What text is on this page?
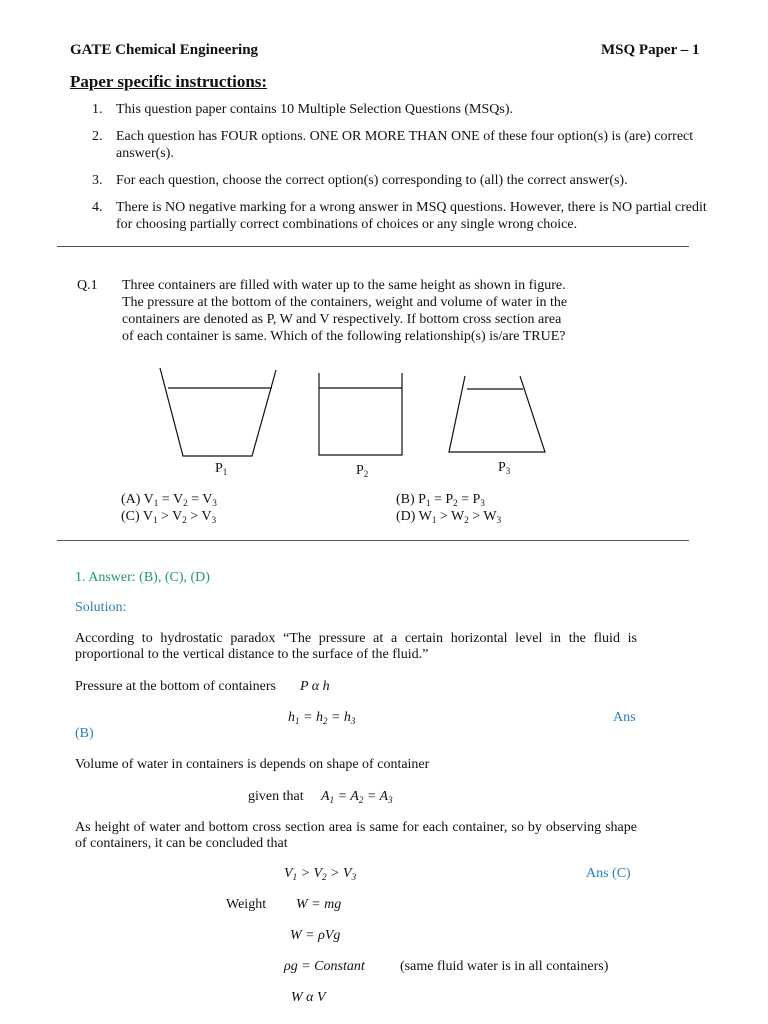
GATE Chemical Engineering	MSQ Paper – 1
Paper specific instructions:
1. This question paper contains 10 Multiple Selection Questions (MSQs).
2. Each question has FOUR options. ONE OR MORE THAN ONE of these four option(s) is (are) correct answer(s).
3. For each question, choose the correct option(s) corresponding to (all) the correct answer(s).
4. There is NO negative marking for a wrong answer in MSQ questions. However, there is NO partial credit for choosing partially correct combinations of choices or any single wrong choice.
Q.1 Three containers are filled with water up to the same height as shown in figure.
The pressure at the bottom of the containers, weight and volume of water in the
containers are denoted as P, W and V respectively. If bottom cross section area
of each container is same. Which of the following relationship(s) is/are TRUE?
$P_1$	$P_2$	$P_3$
(A) $V_1 = V_2 = V_3$	(B) $P_1 = P_2 = P_3$
(C) $V_1 > V_2 > V_3$	(D) $W_1 > W_2 > W_3$
1. Answer: (B), (C), (D)
Solution:
According to hydrostatic paradox “The pressure at a certain horizontal level in the fluid is proportional to the vertical distance to the surface of the fluid.”
Pressure at the bottom of containers P α h
$h_1 = h_2 = h_3$	Ans
(B)
Volume of water in containers is depends on shape of container
given that $A_1 = A_2 = A_3$
As height of water and bottom cross section area is same for each container, so by observing shape of containers, it can be concluded that
$V_1 > V_2 > V_3$	Ans (C)
Weight W = mg
W = ρVg
ρg = Constant	(same fluid water is in all containers)
W α V
